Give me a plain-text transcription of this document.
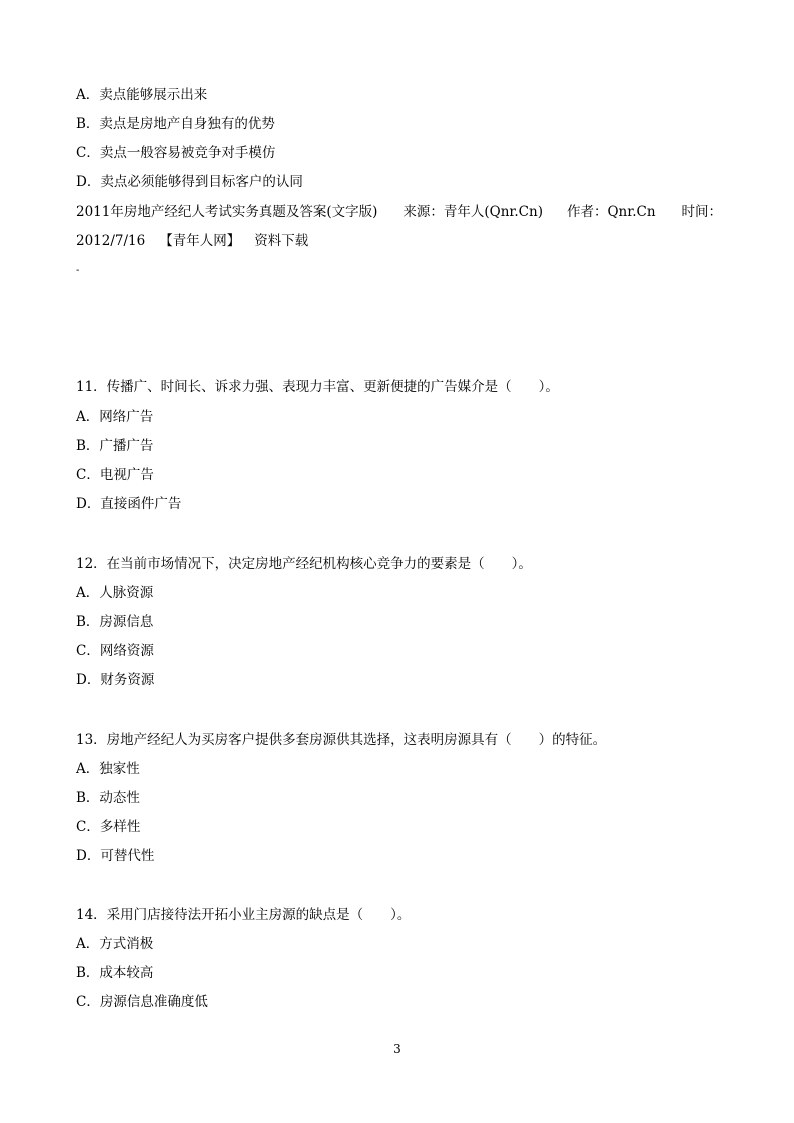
A．卖点能够展示出来
B．卖点是房地产自身独有的优势
C．卖点一般容易被竞争对手模仿
D．卖点必须能够得到目标客户的认同
2011年房地产经纪人考试实务真题及答案(文字版) 来源：青年人(Qnr.Cn) 作者：Qnr.Cn 时间：
2012/7/16 【青年人网】 资料下载
-
11．传播广、时间长、诉求力强、表现力丰富、更新便捷的广告媒介是（　　）。
A．网络广告
B．广播广告
C．电视广告
D．直接函件广告
12．在当前市场情况下，决定房地产经纪机构核心竞争力的要素是（　　）。
A．人脉资源
B．房源信息
C．网络资源
D．财务资源
13．房地产经纪人为买房客户提供多套房源供其选择，这表明房源具有（　　）的特征。
A．独家性
B．动态性
C．多样性
D．可替代性
14．采用门店接待法开拓小业主房源的缺点是（　　）。
A．方式消极
B．成本较高
C．房源信息准确度低
3
